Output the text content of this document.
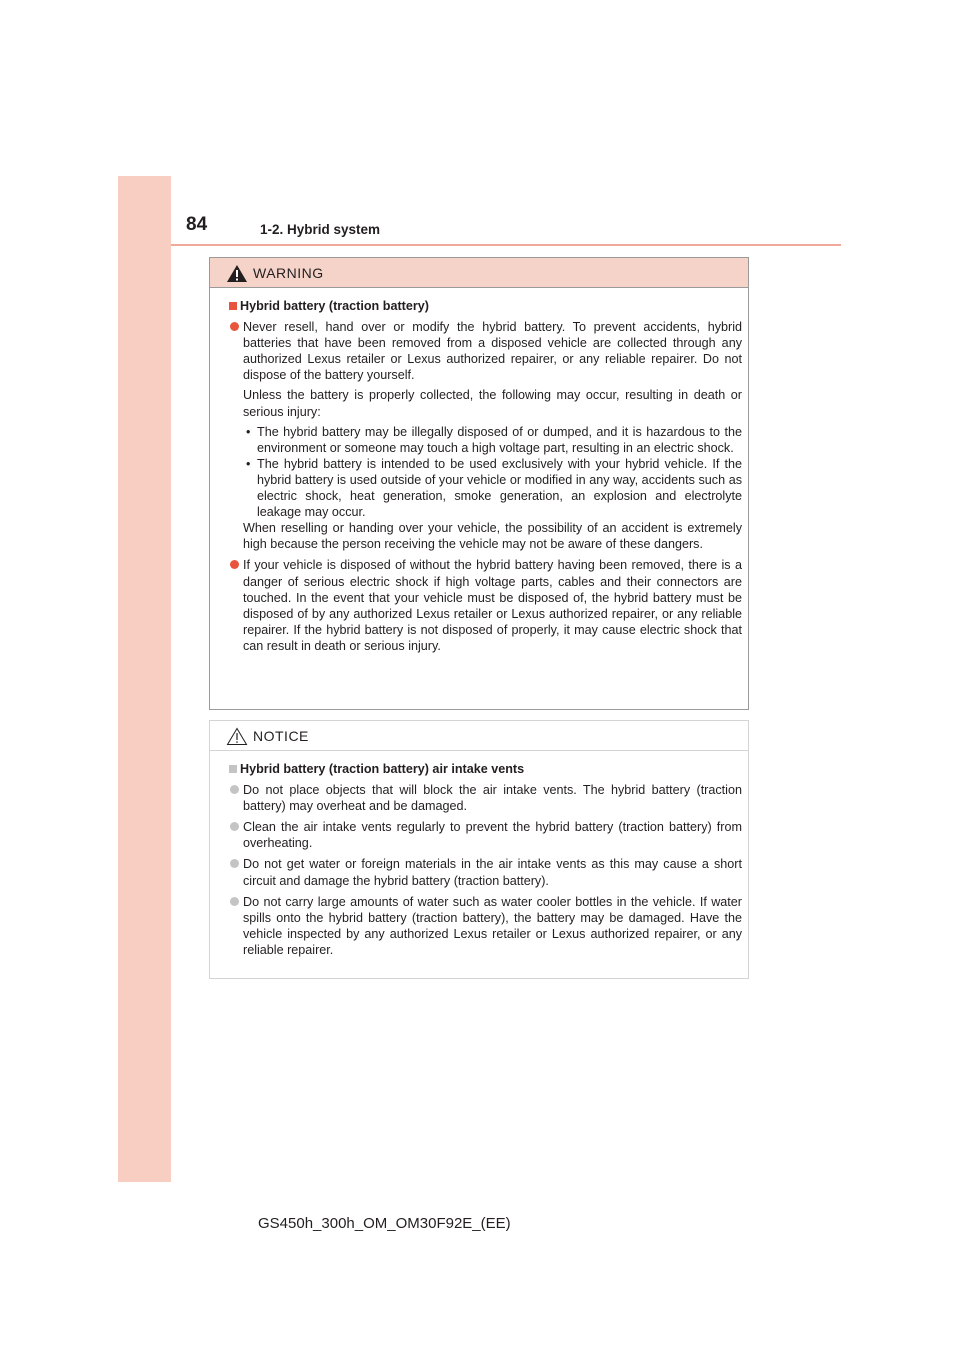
84	1-2. Hybrid system
WARNING
Hybrid battery (traction battery)
Never resell, hand over or modify the hybrid battery. To prevent accidents, hybrid batteries that have been removed from a disposed vehicle are collected through any authorized Lexus retailer or Lexus authorized repairer, or any reliable repairer. Do not dispose of the battery yourself.
Unless the battery is properly collected, the following may occur, resulting in death or serious injury:
• The hybrid battery may be illegally disposed of or dumped, and it is hazardous to the environment or someone may touch a high voltage part, resulting in an electric shock.
• The hybrid battery is intended to be used exclusively with your hybrid vehicle. If the hybrid battery is used outside of your vehicle or modified in any way, accidents such as electric shock, heat generation, smoke generation, an explosion and electrolyte leakage may occur.
When reselling or handing over your vehicle, the possibility of an accident is extremely high because the person receiving the vehicle may not be aware of these dangers.
If your vehicle is disposed of without the hybrid battery having been removed, there is a danger of serious electric shock if high voltage parts, cables and their connectors are touched. In the event that your vehicle must be disposed of, the hybrid battery must be disposed of by any authorized Lexus retailer or Lexus authorized repairer, or any reliable repairer. If the hybrid battery is not disposed of properly, it may cause electric shock that can result in death or serious injury.
NOTICE
Hybrid battery (traction battery) air intake vents
Do not place objects that will block the air intake vents. The hybrid battery (traction battery) may overheat and be damaged.
Clean the air intake vents regularly to prevent the hybrid battery (traction battery) from overheating.
Do not get water or foreign materials in the air intake vents as this may cause a short circuit and damage the hybrid battery (traction battery).
Do not carry large amounts of water such as water cooler bottles in the vehicle. If water spills onto the hybrid battery (traction battery), the battery may be damaged. Have the vehicle inspected by any authorized Lexus retailer or Lexus authorized repairer, or any reliable repairer.
GS450h_300h_OM_OM30F92E_(EE)
